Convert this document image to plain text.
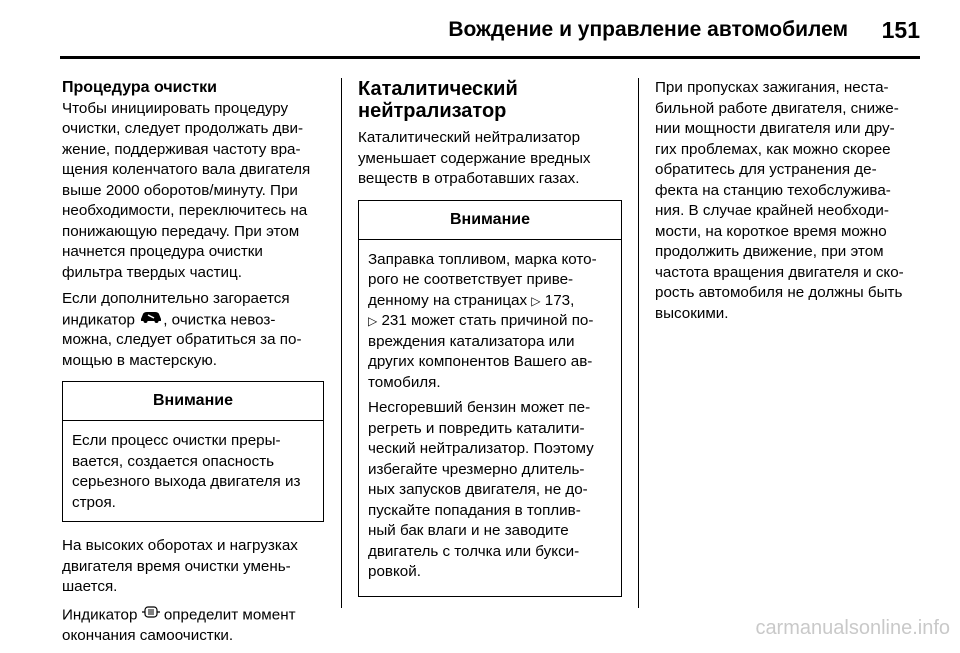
Вождение и управление автомобилем 151
Процедура очистки

Чтобы инициировать процедуру
очистки, следует продолжать дви-
жение, поддерживая частоту вра-
щения коленчатого вала двигателя
выше 2000 оборотов/минуту. При
необходимости, переключитесь на
понижающую передачу. При этом
начнется процедура очистки
фильтра твердых частиц.

Если дополнительно загорается
индикатор , очистка невоз-
можна, следует обратиться за по-
мощью в мастерскую.

Внимание
Если процесс очистки преры-
вается, создается опасность
серьезного выхода двигателя из
строя.

На высоких оборотах и нагрузках
двигателя время очистки умень-
шается.

Индикатор  определит момент
окончания самоочистки.

Каталитический
нейтрализатор

Каталитический нейтрализатор
уменьшает содержание вредных
веществ в отработавших газах.

Внимание

Заправка топливом, марка кото-
рого не соответствует приве-
денному на страницах ▷ 173,
▷ 231 может стать причиной по-
вреждения катализатора или
других компонентов Вашего ав-
томобиля.

Несгоревший бензин может пе-
регреть и повредить каталити-
ческий нейтрализатор. Поэтому
избегайте чрезмерно длитель-
ных запусков двигателя, не до-
пускайте попадания в топлив-
ный бак влаги и не заводите
двигатель с толчка или букси-
ровкой.

При пропусках зажигания, неста-
бильной работе двигателя, сниже-
нии мощности двигателя или дру-
гих проблемах, как можно скорее
обратитесь для устранения де-
фекта на станцию техобслужива-
ния. В случае крайней необходи-
мости, на короткое время можно
продолжить движение, при этом
частота вращения двигателя и ско-
рость автомобиля не должны быть
высокими.

carmanualsonline.info
